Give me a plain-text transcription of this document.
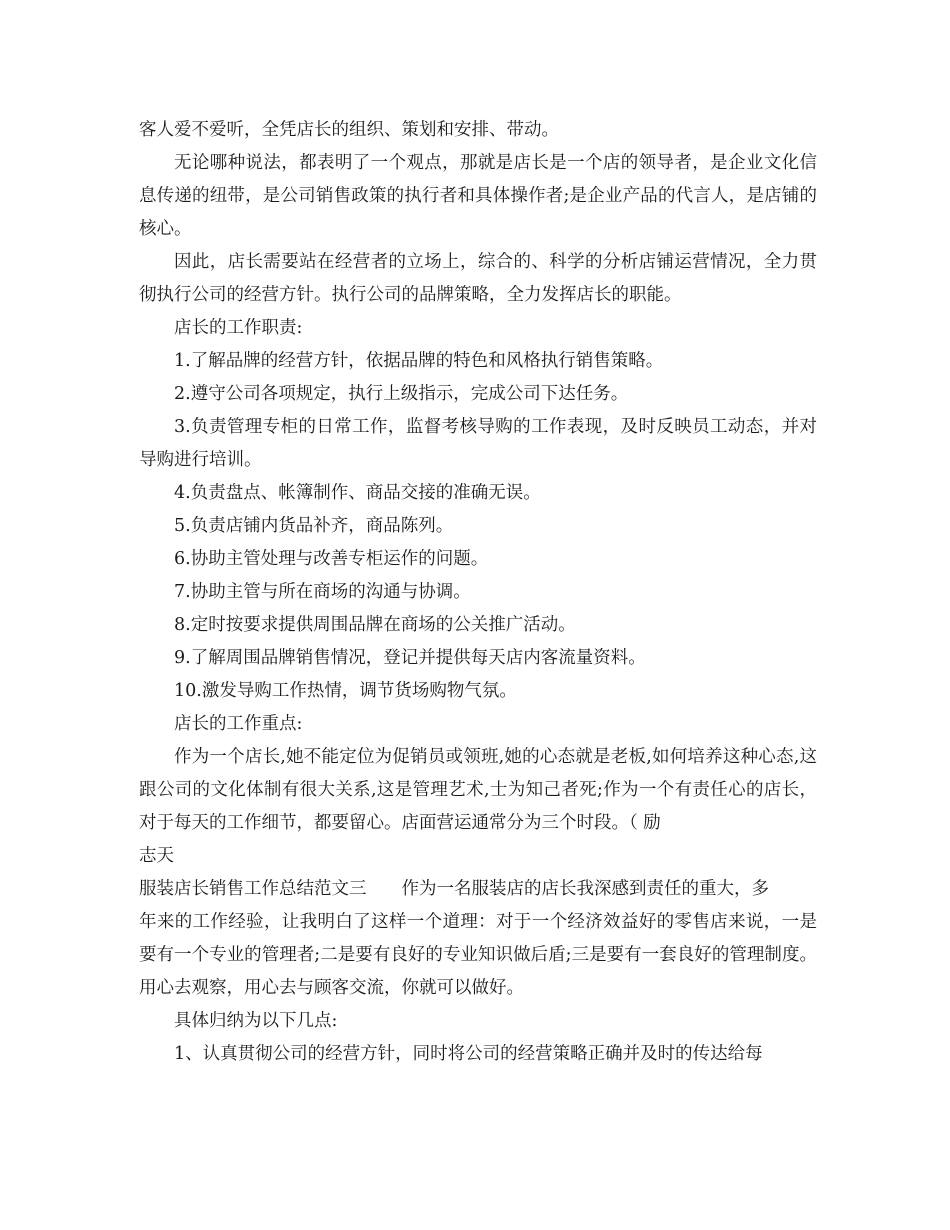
客人爱不爱听，全凭店长的组织、策划和安排、带动。

无论哪种说法，都表明了一个观点，那就是店长是一个店的领导者，是企业文化信息传递的纽带，是公司销售政策的执行者和具体操作者;是企业产品的代言人，是店铺的核心。

因此，店长需要站在经营者的立场上，综合的、科学的分析店铺运营情况，全力贯彻执行公司的经营方针。执行公司的品牌策略，全力发挥店长的职能。

店长的工作职责:

1.了解品牌的经营方针，依据品牌的特色和风格执行销售策略。

2.遵守公司各项规定，执行上级指示，完成公司下达任务。

3.负责管理专柜的日常工作，监督考核导购的工作表现，及时反映员工动态，并对导购进行培训。

4.负责盘点、帐簿制作、商品交接的准确无误。

5.负责店铺内货品补齐，商品陈列。

6.协助主管处理与改善专柜运作的问题。

7.协助主管与所在商场的沟通与协调。

8.定时按要求提供周围品牌在商场的公关推广活动。

9.了解周围品牌销售情况，登记并提供每天店内客流量资料。

10.激发导购工作热情，调节货场购物气氛。

店长的工作重点:

作为一个店长,她不能定位为促销员或领班,她的心态就是老板,如何培养这种心态,这跟公司的文化体制有很大关系,这是管理艺术,士为知己者死;作为一个有责任心的店长，对于每天的工作细节，都要留心。店面营运通常分为三个时段。（ 励

志天

服装店长销售工作总结范文三　　作为一名服装店的店长我深感到责任的重大，多

年来的工作经验，让我明白了这样一个道理：对于一个经济效益好的零售店来说，一是要有一个专业的管理者;二是要有良好的专业知识做后盾;三是要有一套良好的管理制度。 用心去观察，用心去与顾客交流，你就可以做好。

具体归纳为以下几点:

1、认真贯彻公司的经营方针，同时将公司的经营策略正确并及时的传达给每
